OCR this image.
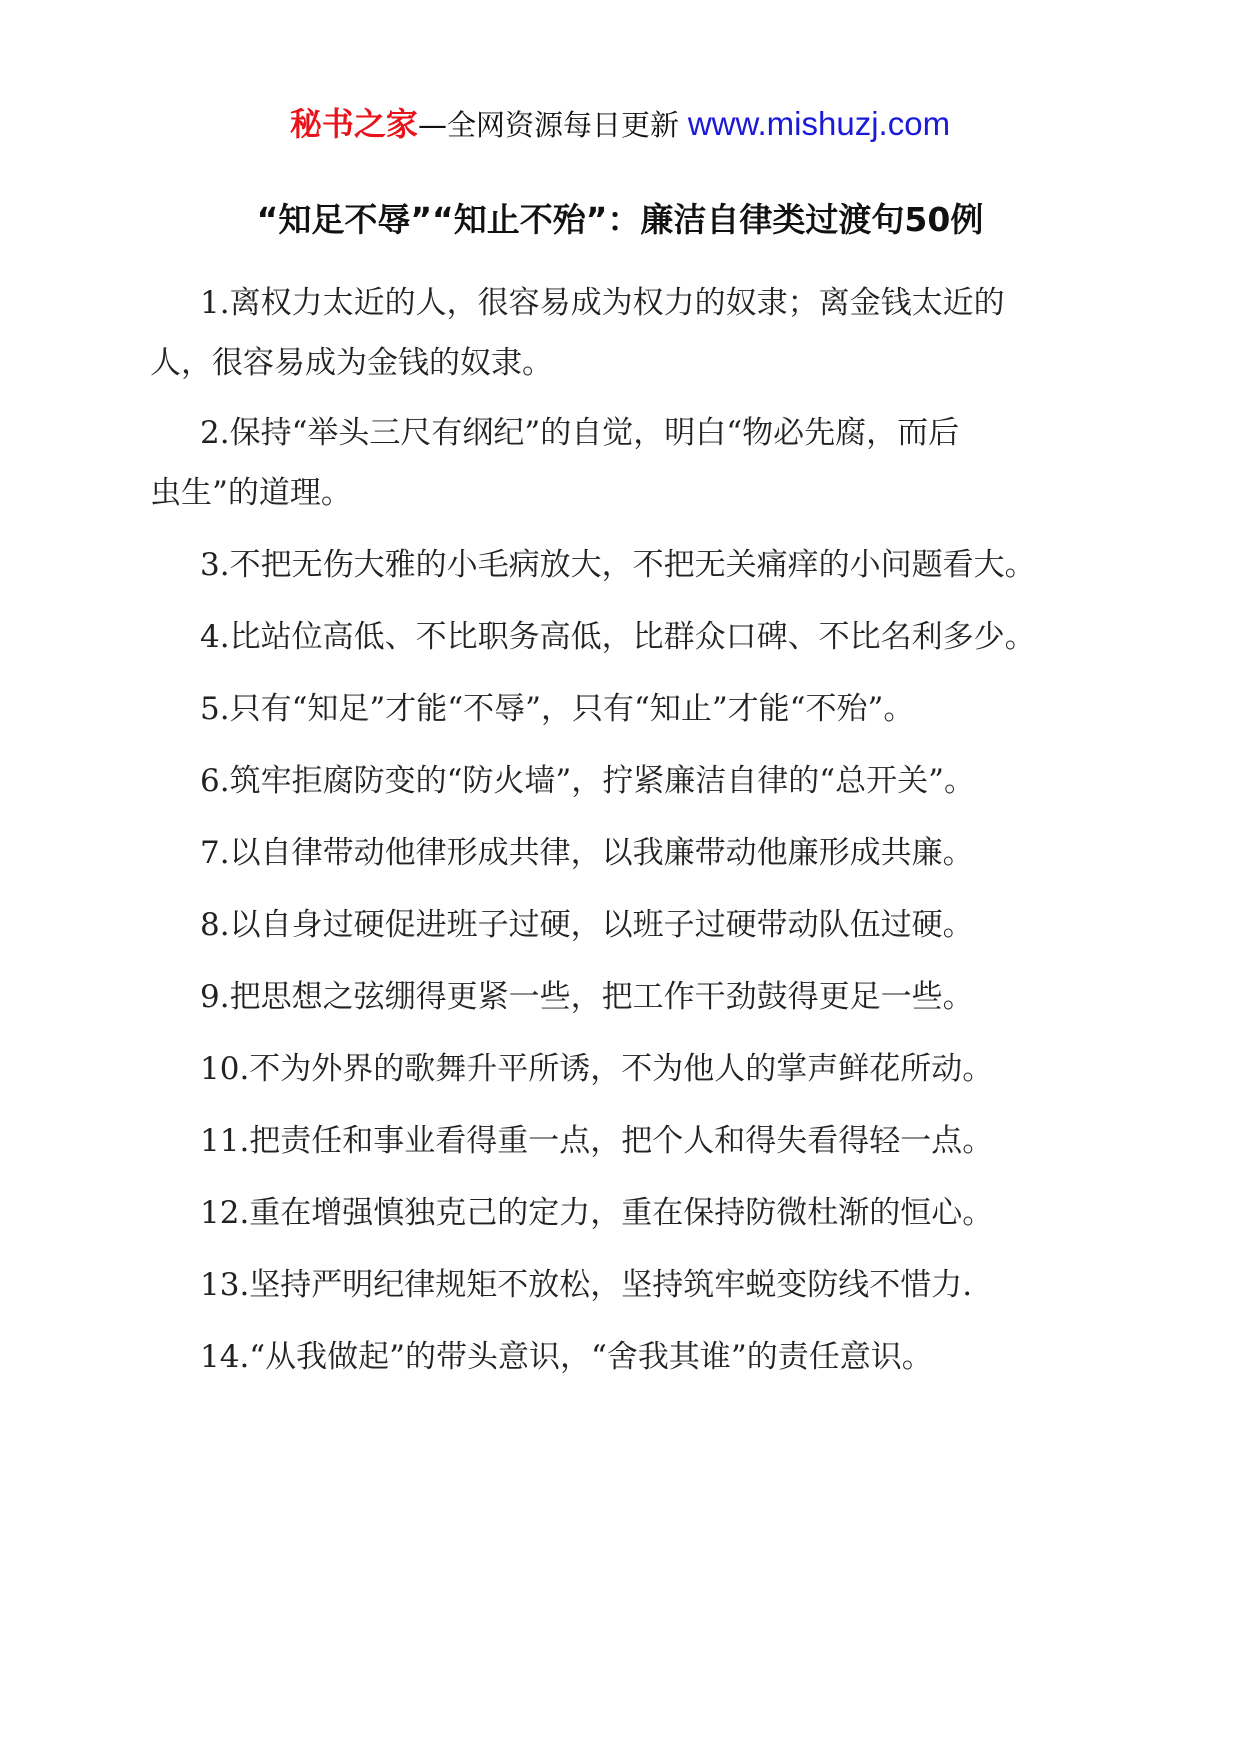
秘书之家—全网资源每日更新 www.mishuzj.com
“知足不辱”“知止不殆”：廉洁自律类过渡句50例
1.离权力太近的人，很容易成为权力的奴隶；离金钱太近的
人，很容易成为金钱的奴隶。
2.保持“举头三尺有纲纪”的自觉，明白“物必先腐，而后
虫生”的道理。
3.不把无伤大雅的小毛病放大，不把无关痛痒的小问题看大。
4.比站位高低、不比职务高低，比群众口碑、不比名利多少。
5.只有“知足”才能“不辱”，只有“知止”才能“不殆”。
6.筑牢拒腐防变的“防火墙”，拧紧廉洁自律的“总开关”。
7.以自律带动他律形成共律，以我廉带动他廉形成共廉。
8.以自身过硬促进班子过硬，以班子过硬带动队伍过硬。
9.把思想之弦绷得更紧一些，把工作干劲鼓得更足一些。
10.不为外界的歌舞升平所诱，不为他人的掌声鲜花所动。
11.把责任和事业看得重一点，把个人和得失看得轻一点。
12.重在增强慎独克己的定力，重在保持防微杜渐的恒心。
13.坚持严明纪律规矩不放松，坚持筑牢蜕变防线不惜力.
14.“从我做起”的带头意识，“舍我其谁”的责任意识。
